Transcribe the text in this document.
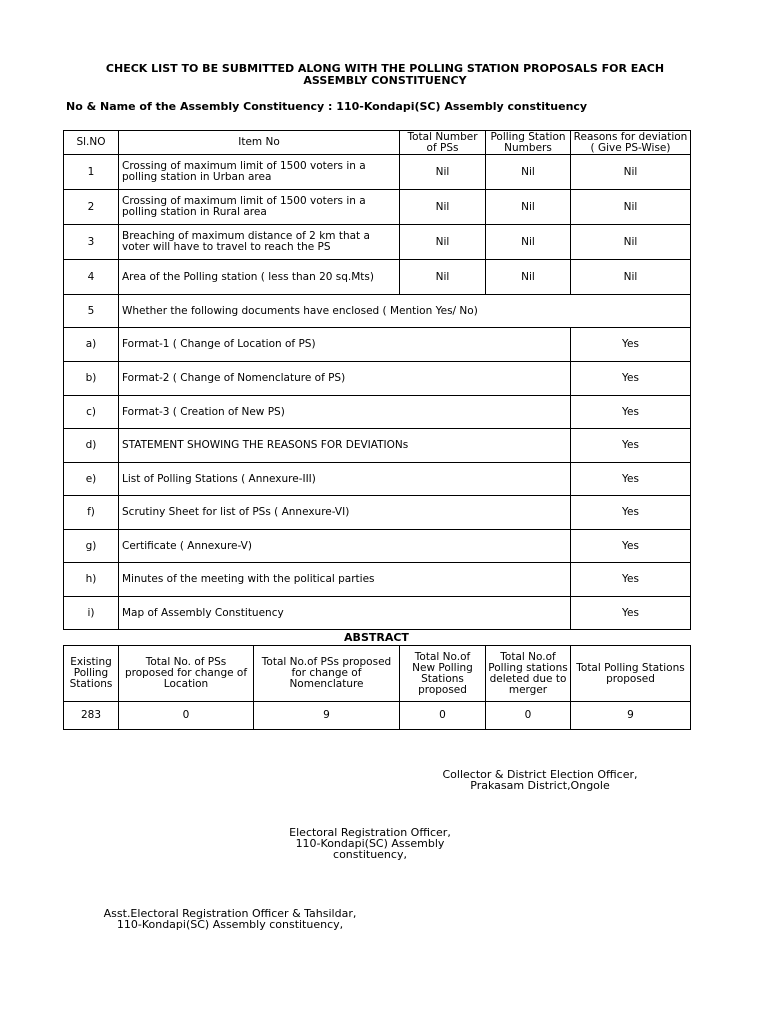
CHECK LIST TO BE SUBMITTED ALONG WITH THE POLLING STATION PROPOSALS FOR EACH
ASSEMBLY CONSTITUENCY
No & Name of the Assembly Constituency : 110-Kondapi(SC) Assembly constituency
Sl.NO	Item No	Total Number of PSs	Polling Station Numbers	Reasons for deviation ( Give PS-Wise)

1	Crossing of maximum limit of 1500 voters in a polling station in Urban area	Nil	Nil	Nil
2	Crossing of maximum limit of 1500 voters in a polling station in Rural area	Nil	Nil	Nil
3	Breaching of maximum distance of 2 km that a voter will have to travel to reach the PS	Nil	Nil	Nil
4	Area of the Polling station ( less than 20 sq.Mts)	Nil	Nil	Nil
5	Whether the following documents have enclosed ( Mention Yes/ No)			
a)	Format-1 ( Change of Location of PS)			Yes
b)	Format-2 ( Change of Nomenclature of PS)			Yes
c)	Format-3 ( Creation of New PS)			Yes
d)	STATEMENT SHOWING THE REASONS FOR DEVIATIONs			Yes
e)	List of Polling Stations ( Annexure-III)			Yes
f)	Scrutiny Sheet for list of PSs ( Annexure-VI)			Yes
g)	Certificate ( Annexure-V)			Yes
h)	Minutes of the meeting with the political parties			Yes
i)	Map of Assembly Constituency			Yes
ABSTRACT
Existing Polling Stations	Total No. of PSs proposed for change of Location	Total No.of PSs proposed for change of Nomenclature	Total No.of New Polling Stations proposed	Total No.of Polling stations deleted due to merger	Total Polling Stations proposed
283	0	9	0	0	9
Collector & District Election Officer,
Prakasam District,Ongole
Electoral Registration Officer,
110-Kondapi(SC) Assembly
constituency,
Asst.Electoral Registration Officer & Tahsildar,
110-Kondapi(SC) Assembly constituency,
